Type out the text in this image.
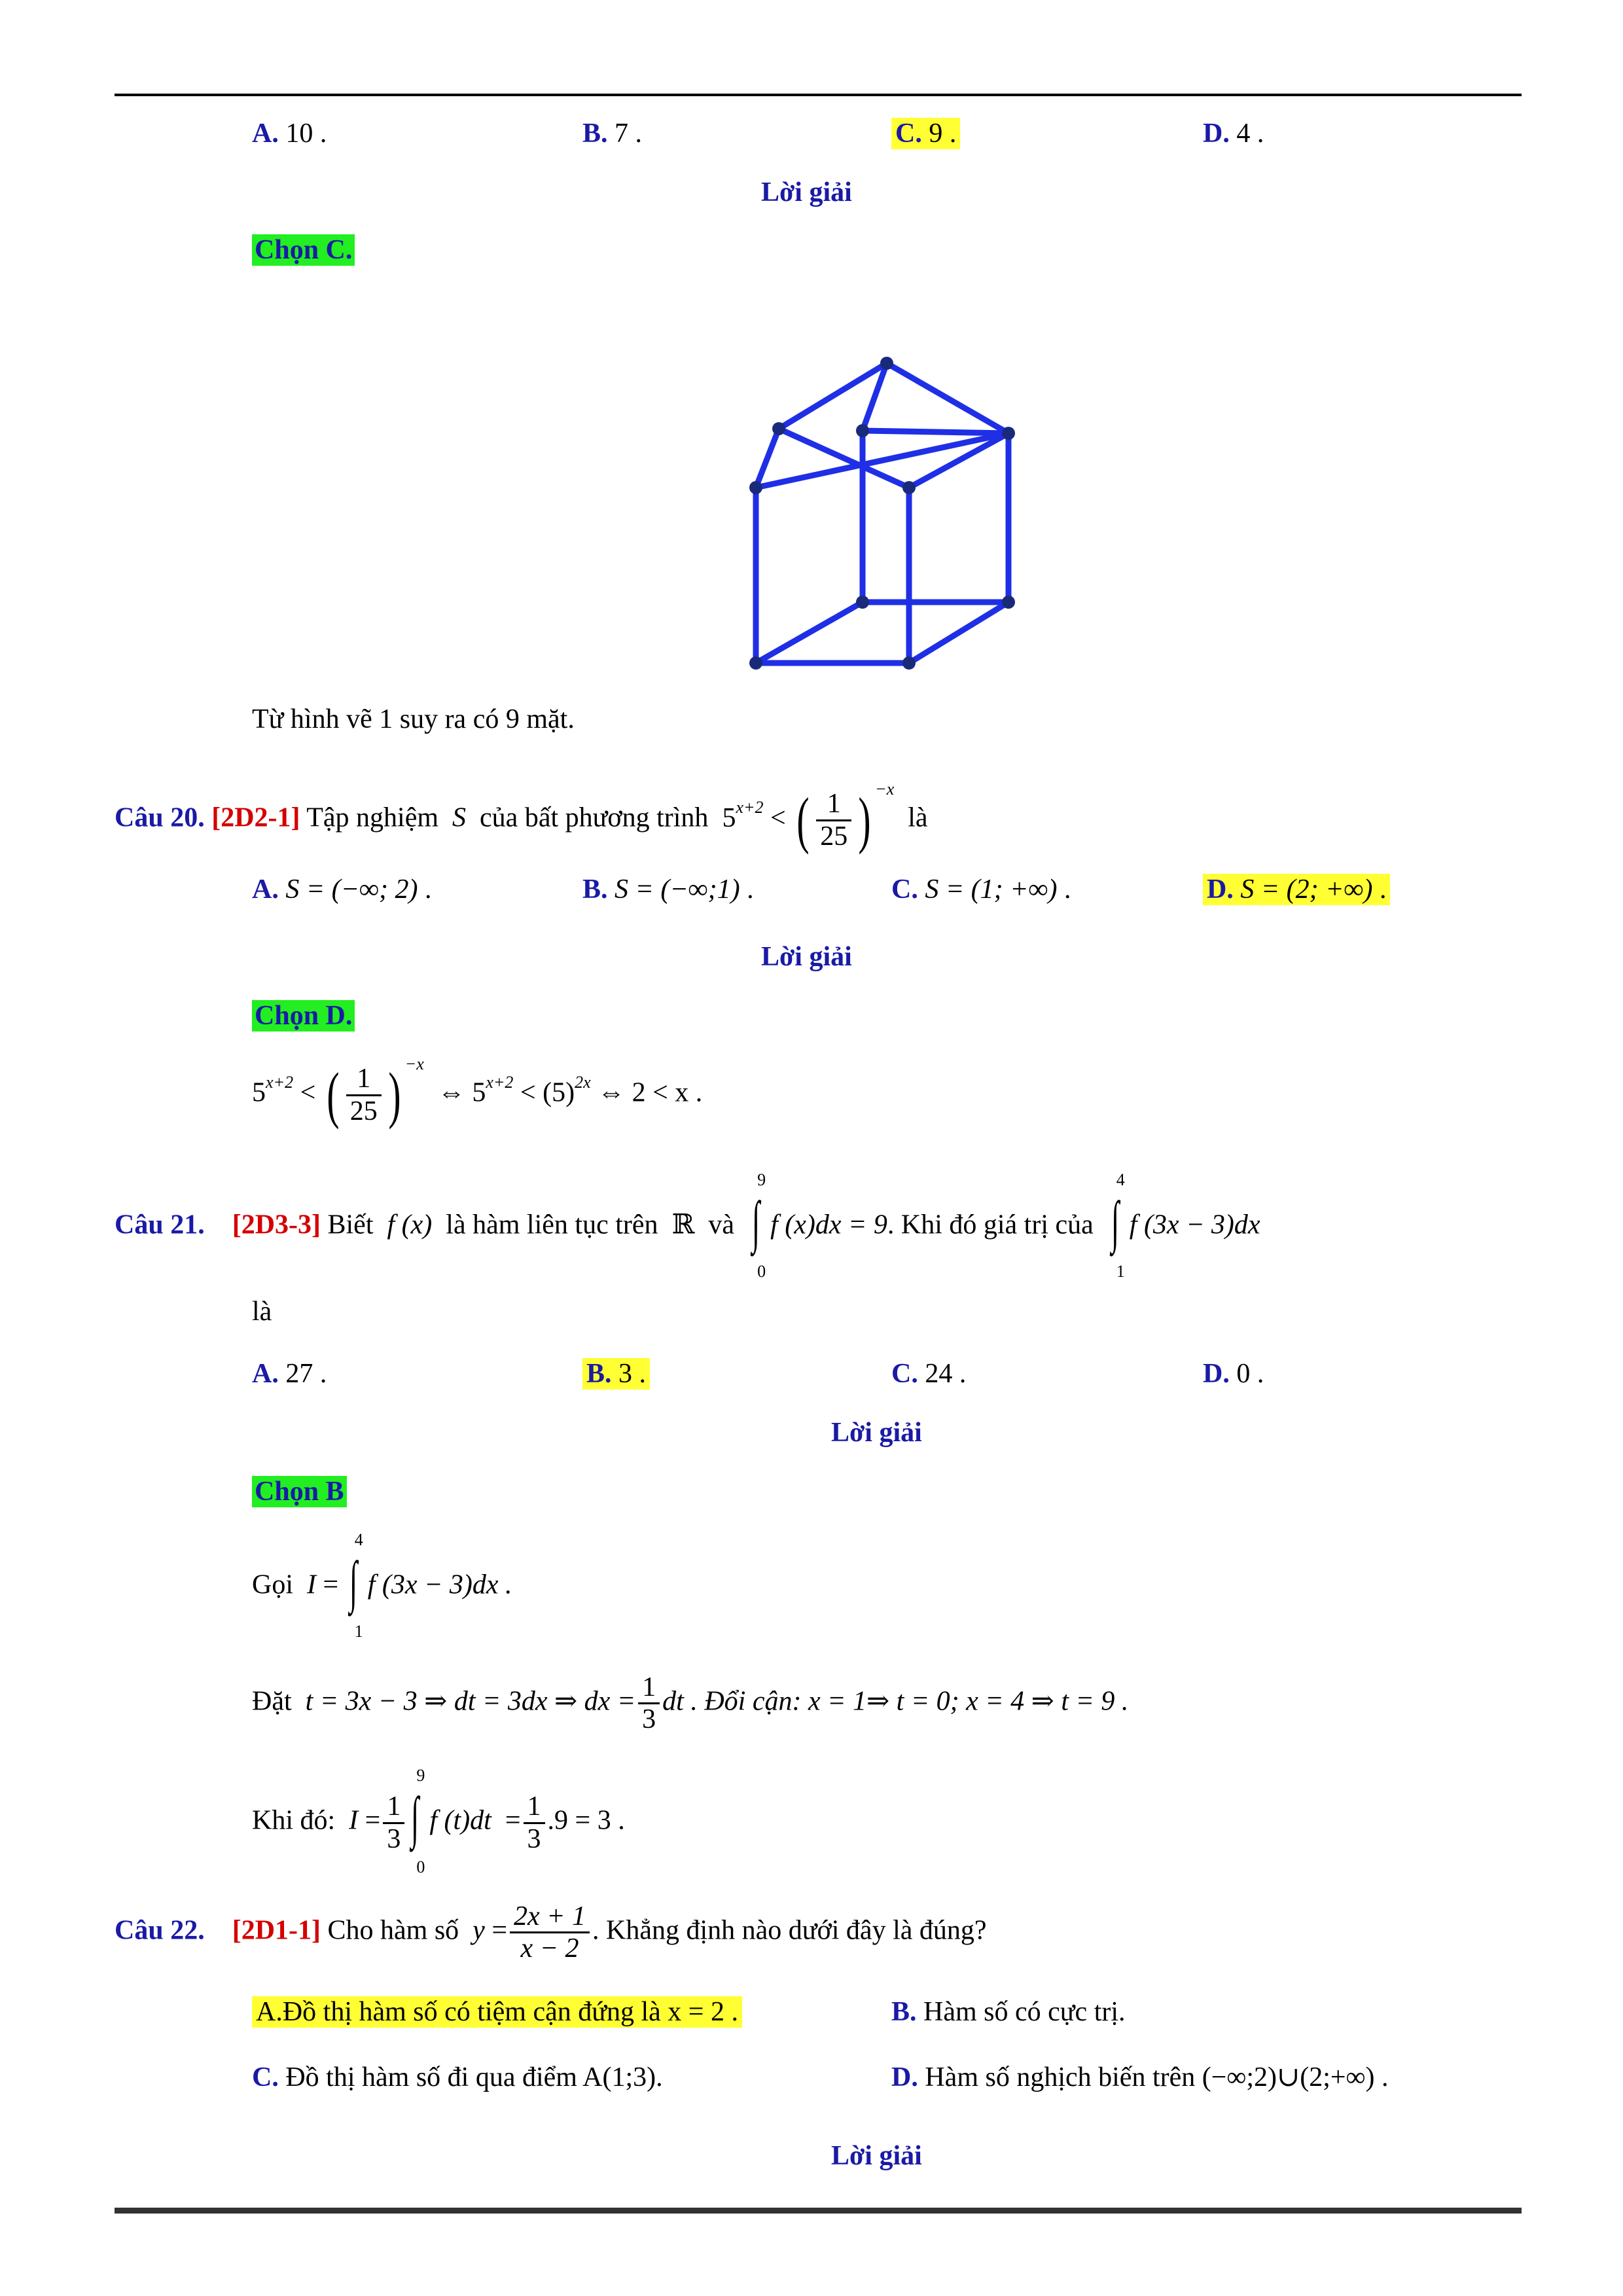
A. 10 .	B. 7 .	C. 9 .	D. 4 .
Lời giải
Chọn C.
Từ hình vẽ 1 suy ra có 9 mặt.
Câu 20. [2D2-1] Tập nghiệm S của bất phương trình $5^{x+2}$ < ( $\frac{1}{25}$ ) $^{-x}$  là
A. S = (−∞; 2) .	B. S = (−∞;1) .	C. S = (1; +∞) .	D. S = (2; +∞) .
Lời giải
Chọn D.
$5^{x+2}$ < ( $\frac{1}{25}$ ) $^{-x}$  ⇔ $5^{x+2} < (5)^{2x}$ ⇔ 2 < x .
Câu 21. [2D3-3] Biết f (x) là hàm liên tục trên ℝ và
9
∫
0
f (x)dx = 9. Khi đó giá trị của
4
∫
1
f (3x − 3)dx
là
A. 27 .	B. 3 .	C. 24 .	D. 0 .
Lời giải
Chọn B
Gọi I =
4
∫
1
f (3x − 3)dx .
Đặt t = 3x − 3 ⇒ dt = 3dx ⇒ dx = $\frac{1}{3}$ dt . Đổi cận: x = 1⇒ t = 0; x = 4 ⇒ t = 9 .
Khi đó: $I = \frac{1}{3}$
9
∫
0
f $(t)dt = \frac{1}{3} .9 = 3$ .
Câu 22. [2D1-1] Cho hàm số $y = \frac{2x + 1}{x - 2}$ . Khẳng định nào dưới đây là đúng?
A.Đồ thị hàm số có tiệm cận đứng là x = 2 .	B. Hàm số có cực trị.
C. Đồ thị hàm số đi qua điểm A(1;3).	D. Hàm số nghịch biến trên (−∞;2)∪(2;+∞) .
Lời giải
